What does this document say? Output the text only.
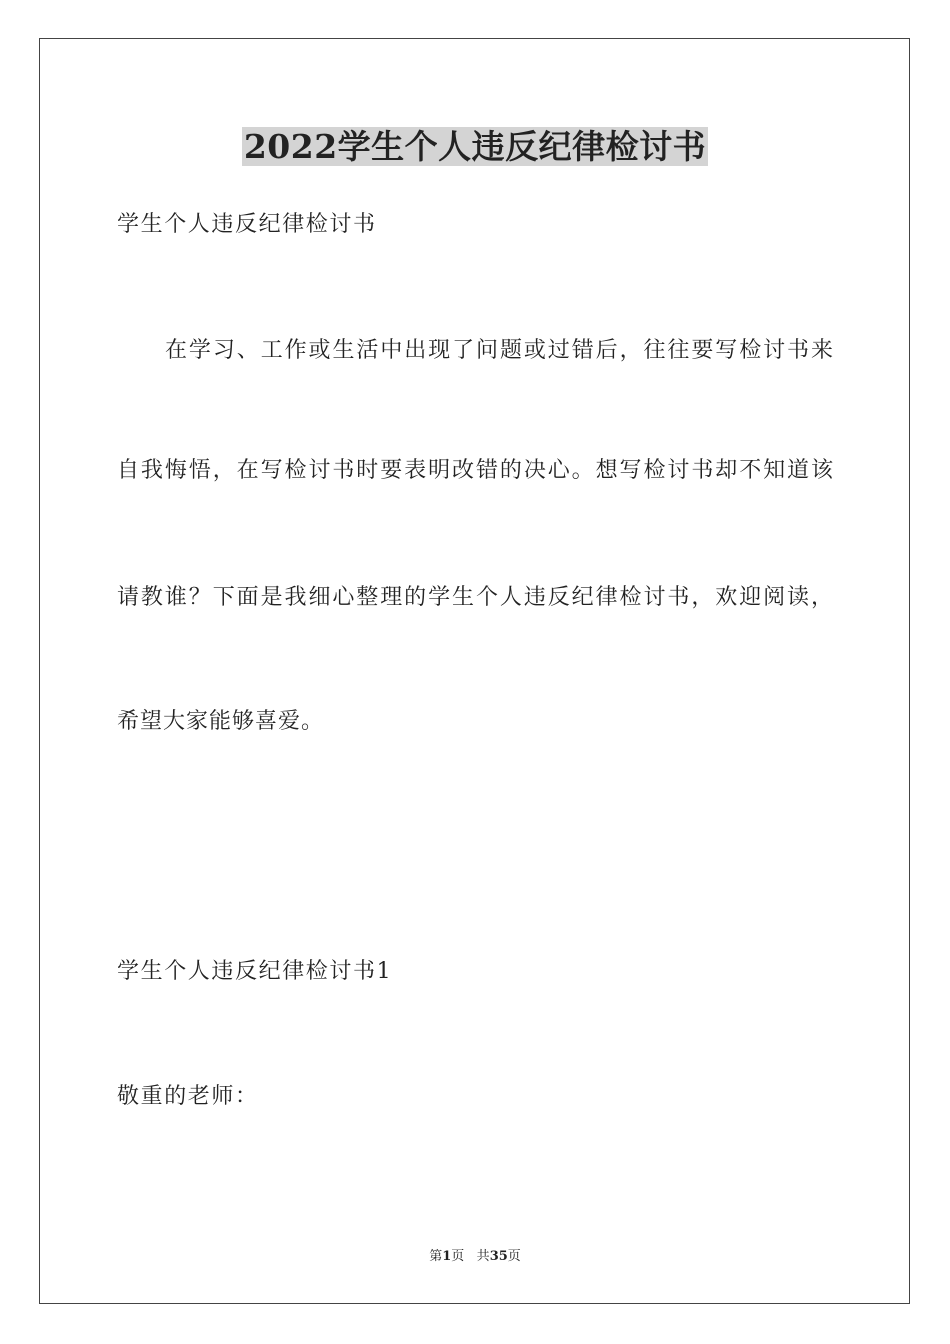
2022学生个人违反纪律检讨书

学生个人违反纪律检讨书

在学习、工作或生活中出现了问题或过错后，往往要写检讨书来

自我悔悟，在写检讨书时要表明改错的决心。想写检讨书却不知道该

请教谁？下面是我细心整理的学生个人违反纪律检讨书，欢迎阅读，

希望大家能够喜爱。

学生个人违反纪律检讨书1

敬重的老师：

第1页 共35页
